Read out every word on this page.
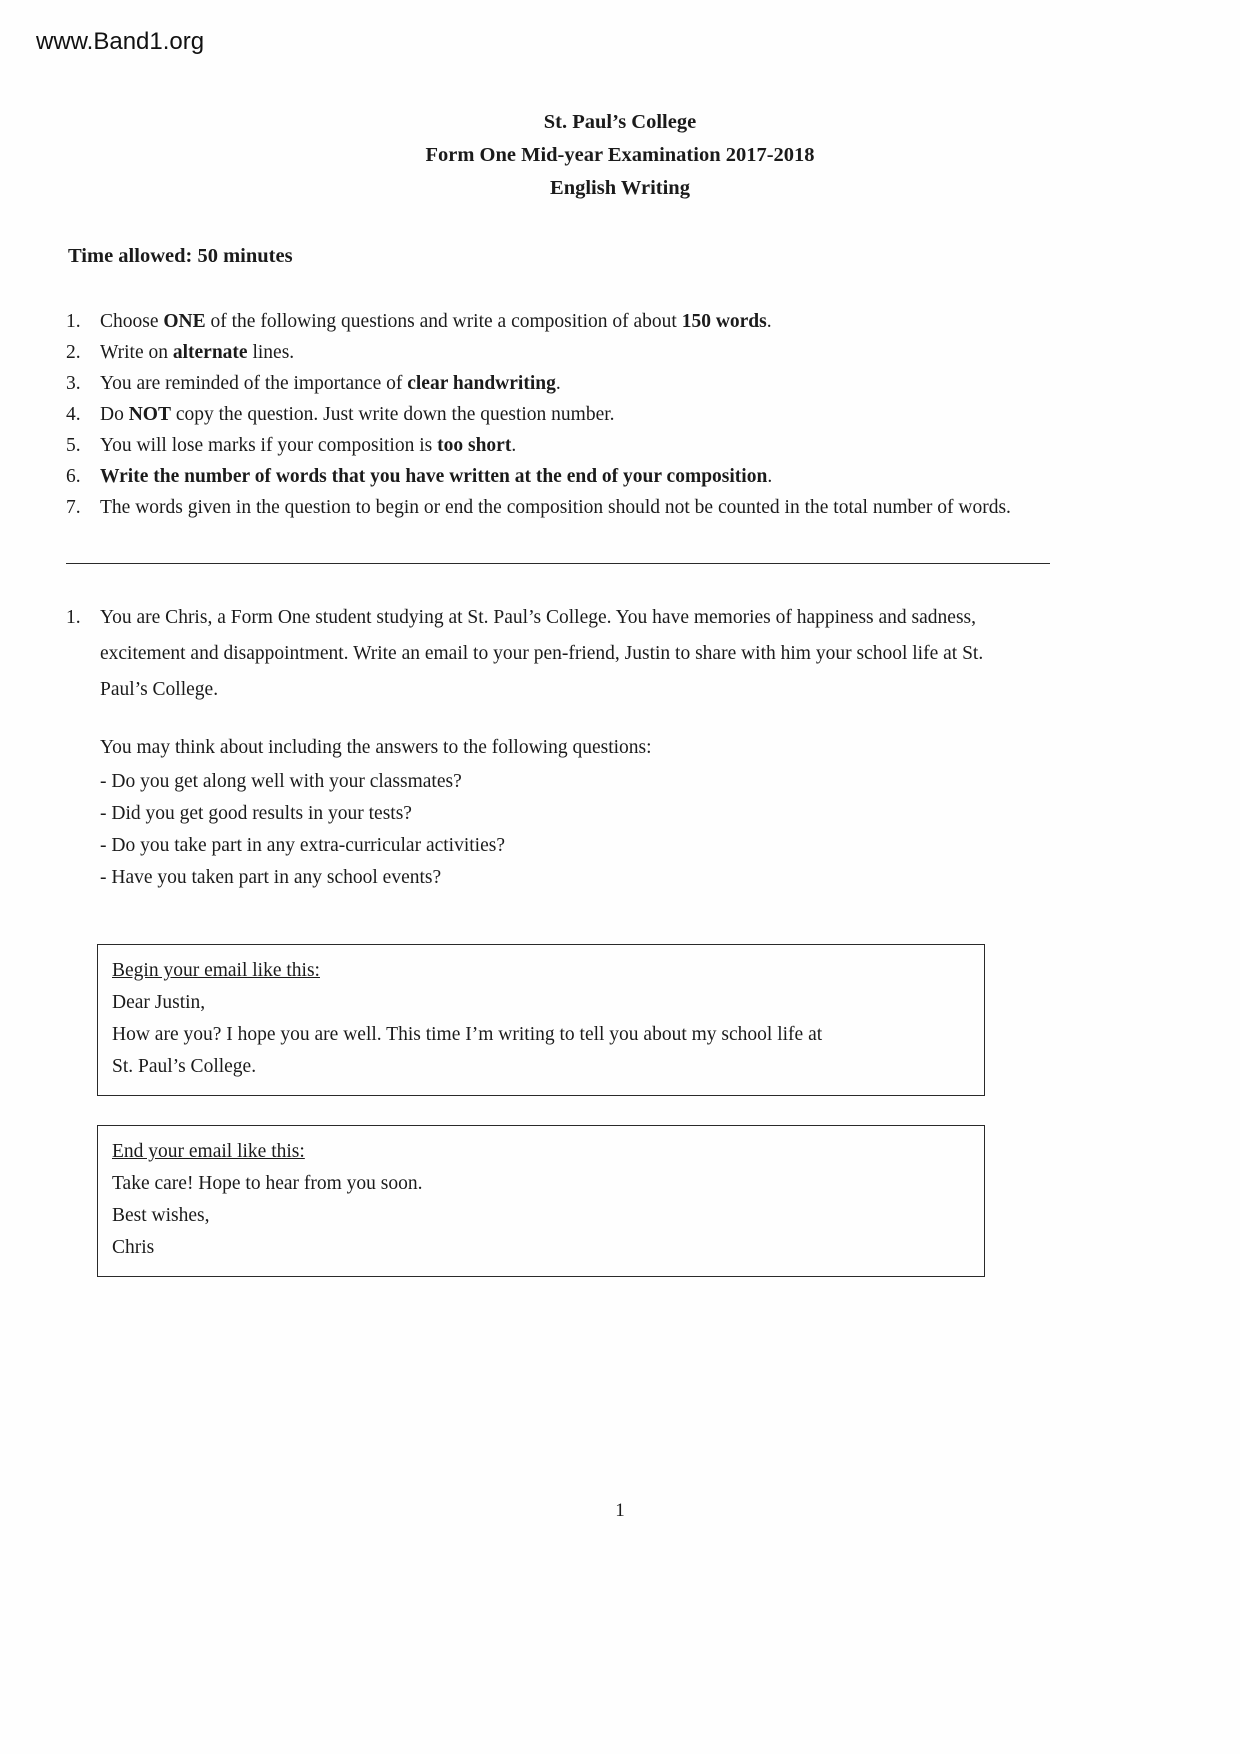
www.Band1.org
St. Paul’s College
Form One Mid-year Examination 2017-2018
English Writing
Time allowed: 50 minutes
1. Choose ONE of the following questions and write a composition of about 150 words.
2. Write on alternate lines.
3. You are reminded of the importance of clear handwriting.
4. Do NOT copy the question. Just write down the question number.
5. You will lose marks if your composition is too short.
6. Write the number of words that you have written at the end of your composition.
7. The words given in the question to begin or end the composition should not be counted in the total number of words.
1. You are Chris, a Form One student studying at St. Paul’s College. You have memories of happiness and sadness, excitement and disappointment. Write an email to your pen-friend, Justin to share with him your school life at St. Paul’s College.
You may think about including the answers to the following questions:
- Do you get along well with your classmates?
- Did you get good results in your tests?
- Do you take part in any extra-curricular activities?
- Have you taken part in any school events?
Begin your email like this:
Dear Justin,
How are you? I hope you are well. This time I’m writing to tell you about my school life at
St. Paul’s College.
End your email like this:
Take care! Hope to hear from you soon.
Best wishes,
Chris
1
